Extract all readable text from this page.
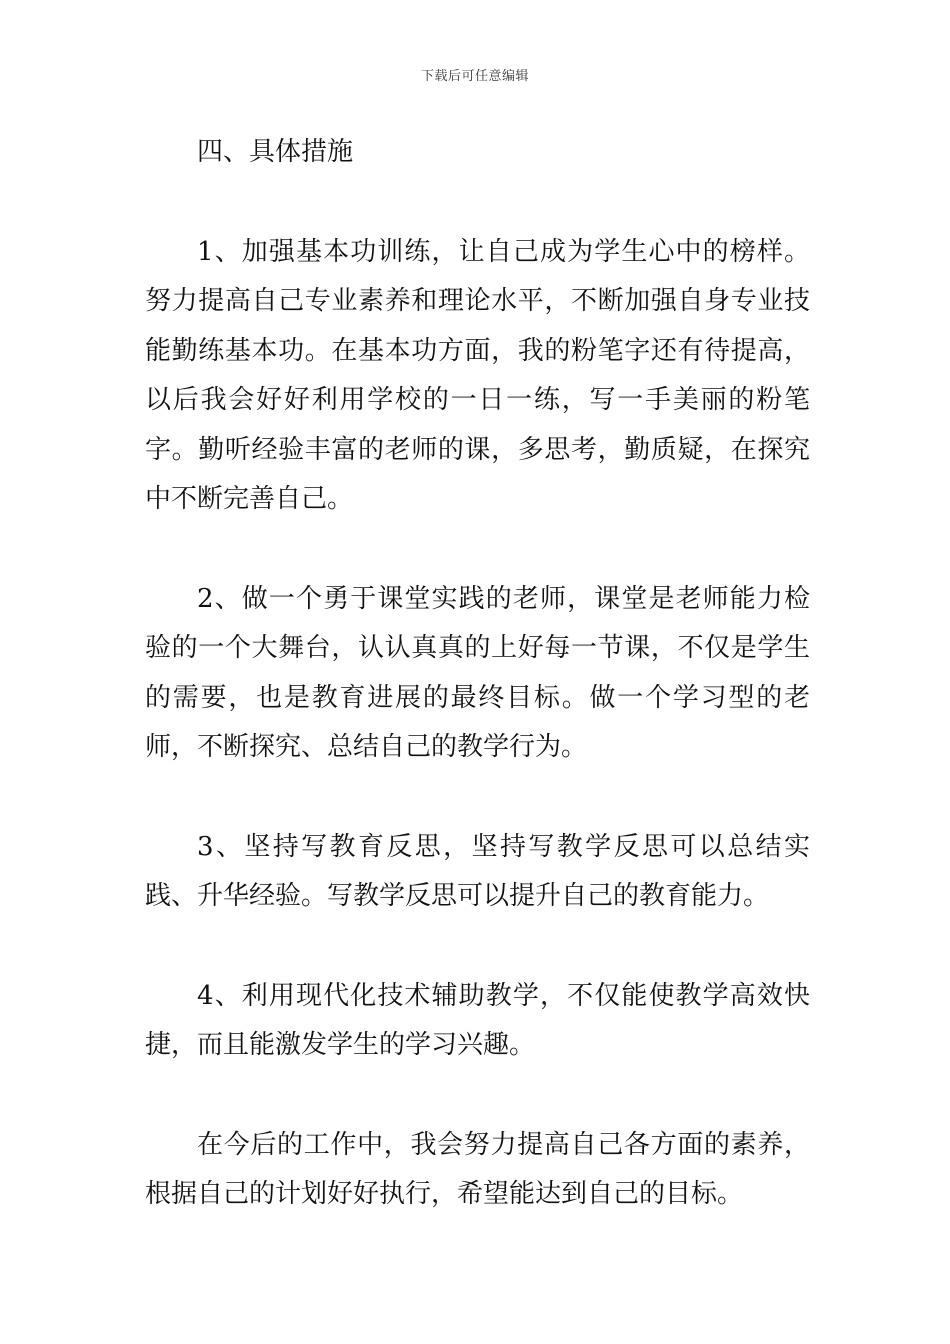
下载后可任意编辑

四、具体措施

1、加强基本功训练，让自己成为学生心中的榜样。努力提高自己专业素养和理论水平，不断加强自身专业技能勤练基本功。在基本功方面，我的粉笔字还有待提高，以后我会好好利用学校的一日一练，写一手美丽的粉笔字。勤听经验丰富的老师的课，多思考，勤质疑，在探究中不断完善自己。

2、做一个勇于课堂实践的老师，课堂是老师能力检验的一个大舞台，认认真真的上好每一节课，不仅是学生的需要，也是教育进展的最终目标。做一个学习型的老师，不断探究、总结自己的教学行为。

3、坚持写教育反思，坚持写教学反思可以总结实践、升华经验。写教学反思可以提升自己的教育能力。

4、利用现代化技术辅助教学，不仅能使教学高效快捷，而且能激发学生的学习兴趣。

在今后的工作中，我会努力提高自己各方面的素养，根据自己的计划好好执行，希望能达到自己的目标。
